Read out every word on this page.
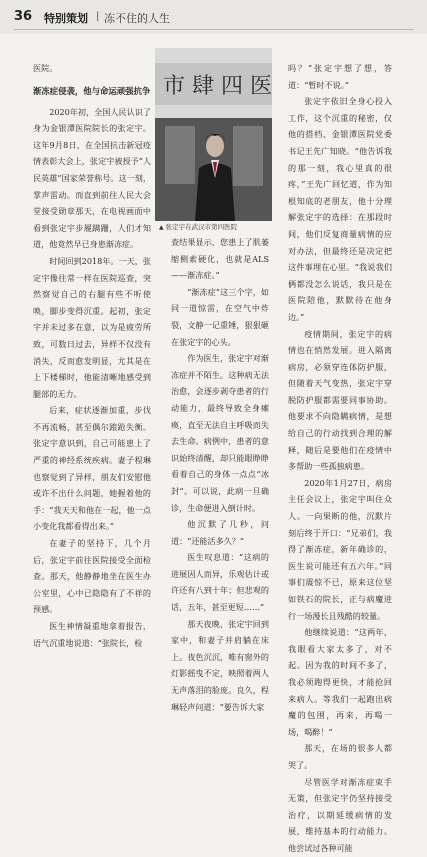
36 特别策划 | 冻不住的人生

医院。

渐冻症侵袭，他与命运顽强抗争

2020年初，全国人民认识了身为金银潭医院院长的张定宇。这年9月8日，在全国抗击新冠疫情表彰大会上，张定宇被授予“人民英雄”国家荣誉称号。这一刻，掌声雷动。而直到前往人民大会堂接受勋章那天，在电视画面中看到张定宇步履蹒跚，人们才知道，他竟然早已身患渐冻症。

时间回到2018年。一天，张定宇像往常一样在医院巡查，突然察觉自己的右腿有些不听使唤，脚步变得沉重。起初，张定宇并未过多在意，以为是疲劳所致，可数日过去，异样不仅没有消失，反而愈发明显，尤其是在上下楼梯时，他能清晰地感受到腿部的无力。

后来，症状逐渐加重，步伐不再流畅，甚至偶尔踉跄失衡。张定宇意识到，自己可能患上了严重的神经系统疾病。妻子程琳也察觉到了异样，朋友们安慰他或许不出什么问题，她握着他的手：“我天天和他在一起，他一点小变化我都看得出来。”

在妻子的坚持下，几个月后，张定宇前往医院接受全面检查。那天，他静静地坐在医生办公室里，心中已隐隐有了不祥的预感。

医生神情凝重地拿着报告，语气沉重地说道：“张院长，检

市 肆 四 医
▲ 张定宇在武汉市第四医院

查结果显示，您患上了肌萎缩侧索硬化，也就是ALS——渐冻症。”

“渐冻症”这三个字，如同一道惊雷，在空气中炸裂，文静一记重锤，狠狠砸在张定宇的心头。

作为医生，张定宇对渐冻症并不陌生。这种病无法治愈，会逐步剥夺患者的行动能力，最终导致全身瘫痪，直至无法自主呼吸而失去生命。病例中，患者的意识始终清醒，却只能眼睁睁看着自己的身体一点点“冰封”。可以说，此病一旦确诊，生命便进入倒计时。

他沉默了几秒，问道：“还能活多久？”

医生叹息道：“这病的进展因人而异，乐观估计或许还有八到十年；但悲观的话，五年，甚至更短……”

那天夜晚，张定宇回到家中，和妻子并肩躺在床上。夜色沉沉，唯有窗外的灯影摇曳不定，映照着两人无声落泪的脸庞。良久，程琳轻声问道：“要告诉大家

吗？”张定宇想了想，答道：“暂时不说。”

张定宇依旧全身心投入工作，这个沉重的秘密，仅他的搭档、金银潭医院党委书记王先广知晓。“他告诉我的那一刻，我心里真的很疼，”王先广回忆道，作为知根知底的老朋友，他十分理解张定宇的选择：在那段时间，他们反复商量病情的应对办法，但最终还是决定把这件事埋在心里。“我说我们俩都没怎么说话，我只是在医院陪他，默默待在他身边。”

疫情期间，张定宇的病情也在悄然发展。进入隔离病房，必须穿连体防护服，但随着天气变热，张定宇穿脱防护服都需要同事协助。他要求不向隐瞒病情，是想给自己的行动找到合理的解释，随后是要他们在疫情中多帮助一些孤独病患。

2020年1月27日，病房主任会议上，张定宇叫住众人。一向果断的他，沉默片刻后终于开口：“兄弟们，我得了渐冻症，新年确诊的，医生说可能还有五六年。”同事们震惊不已，原来这位坚如铁石的院长，正与病魔进行一场漫长且残酷的较量。

他继续说道：“这两年，我眼看大家太多了，对不起。因为我的时间不多了，我必须跑得更快，才能抢回来病人。等我们一起跑出病魔的包围，再来，再喝一场，喝醉！”

那天，在场的很多人都哭了。

尽管医学对渐冻症束手无策，但张定宇仍坚持接受治疗，以期延缓病情的发展，维持基本的行动能力。他尝试过各种可能
